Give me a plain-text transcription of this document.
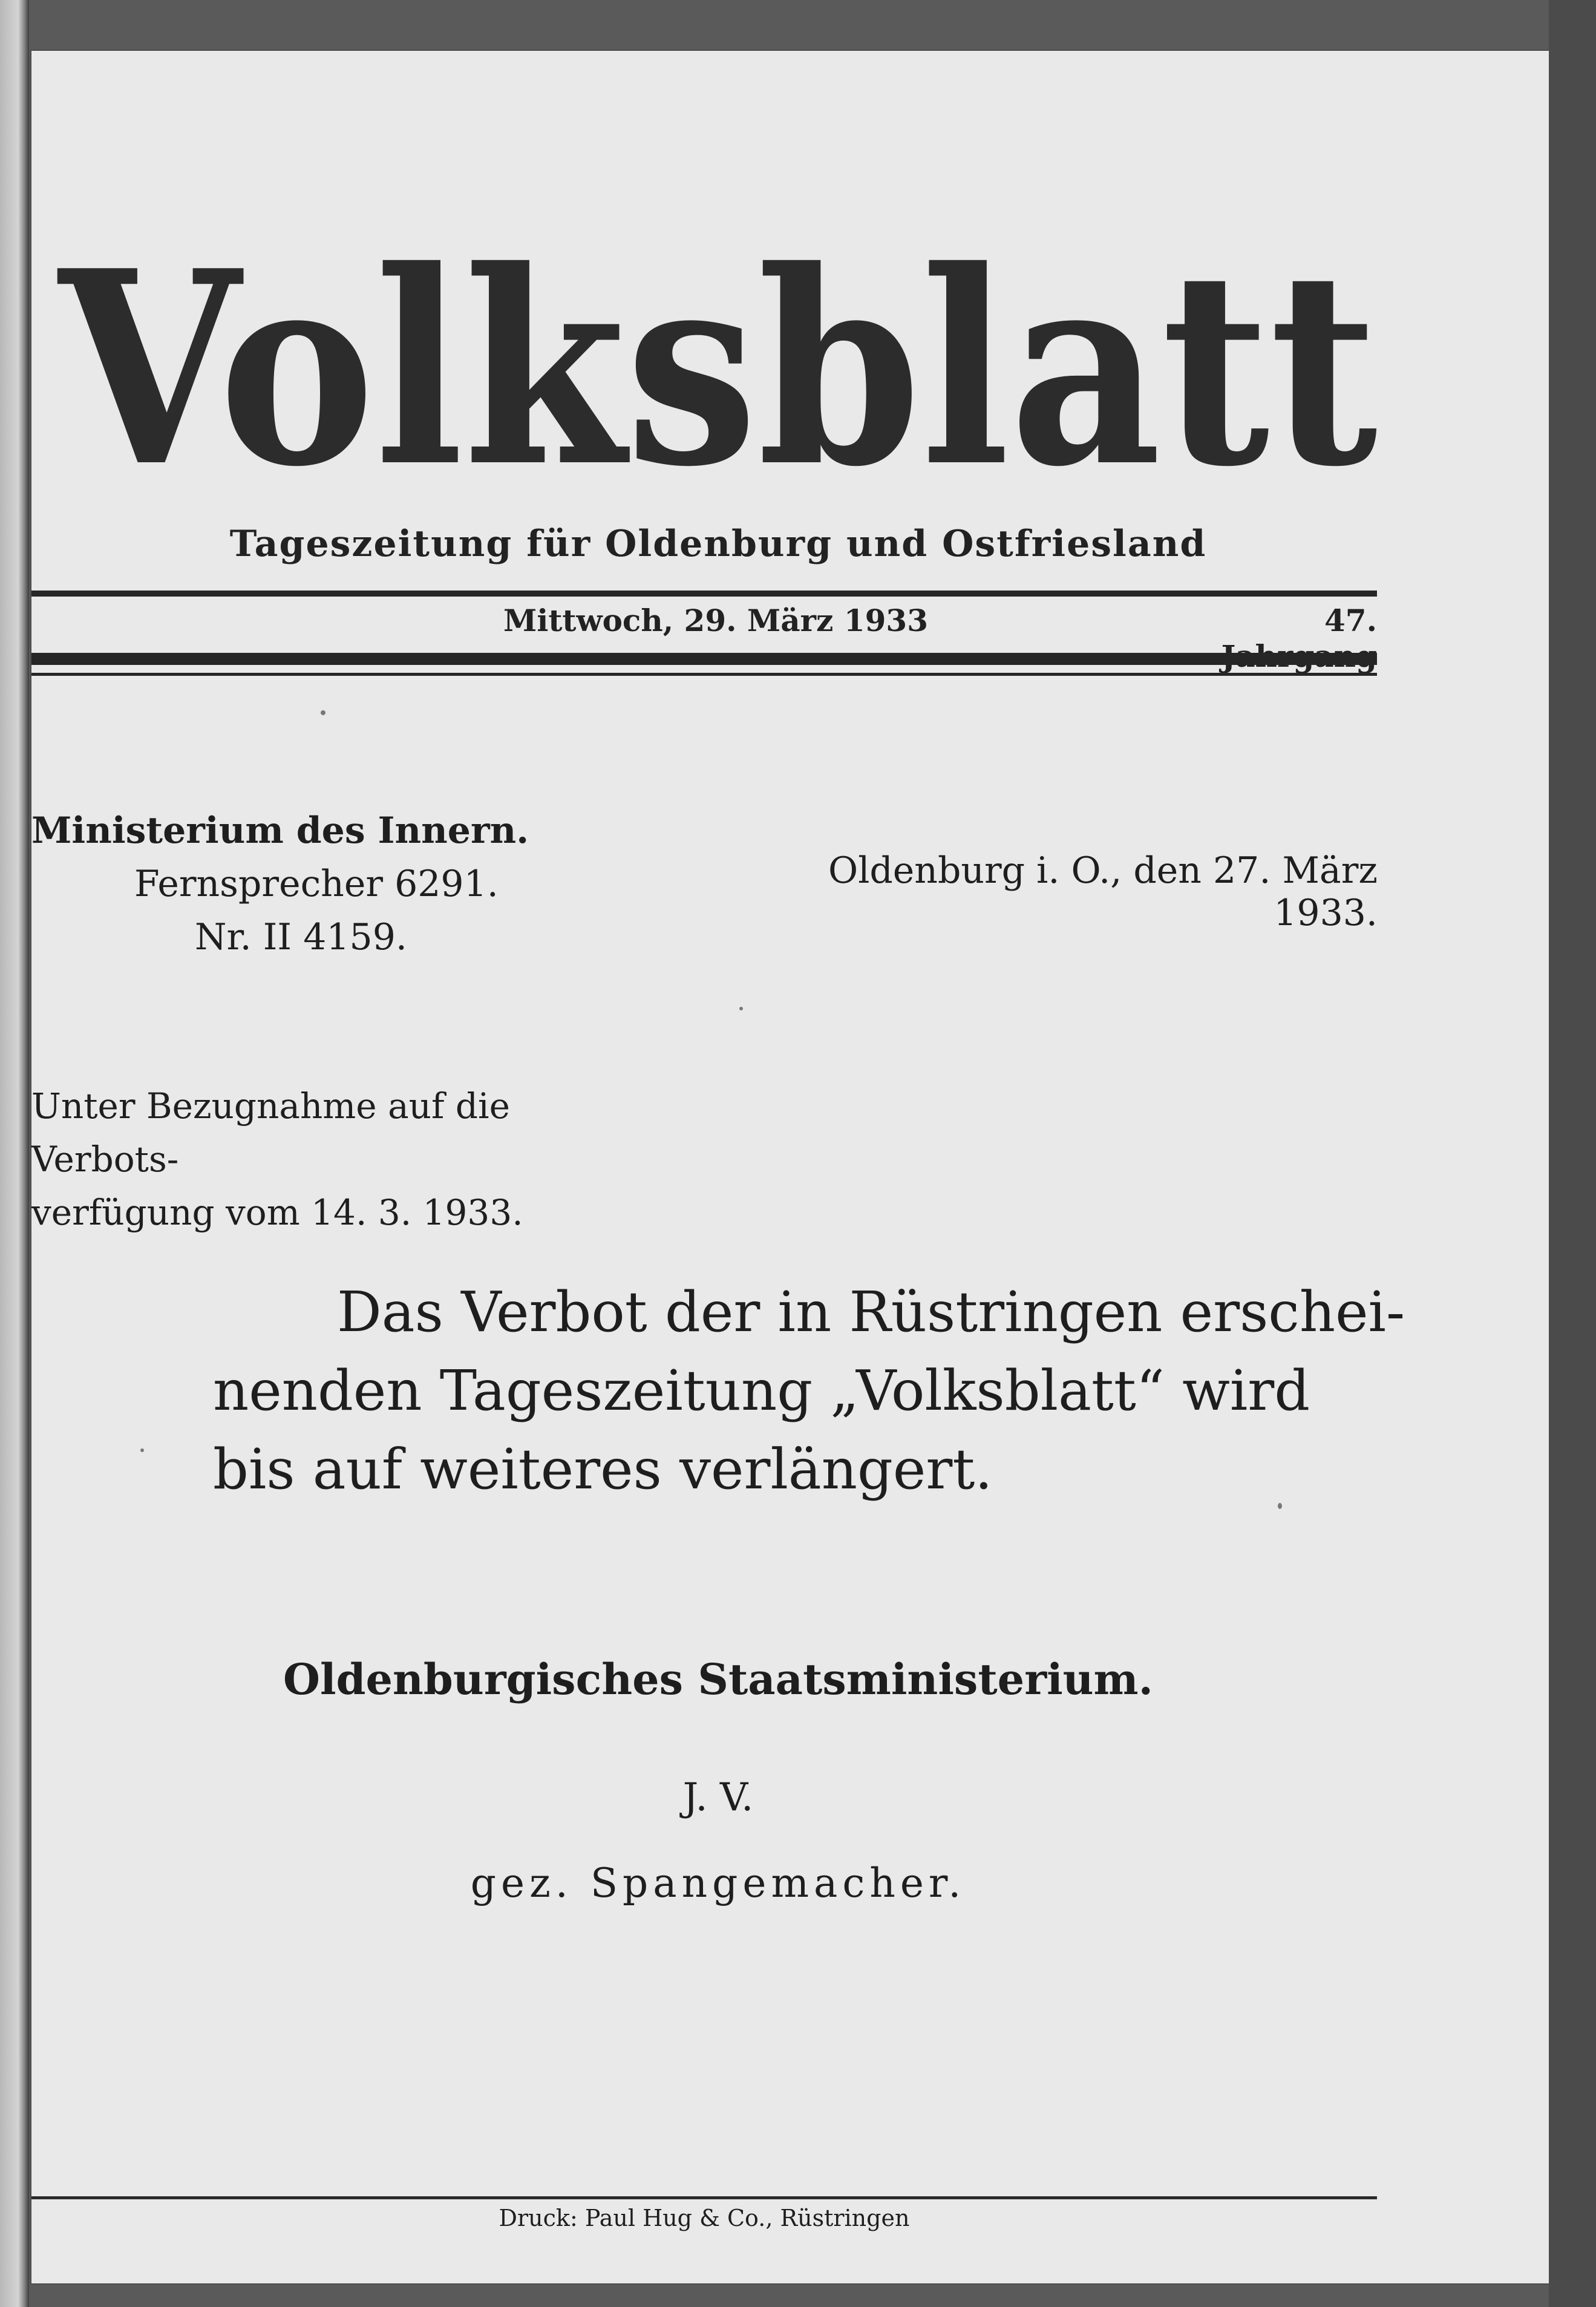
Volksblatt
Tageszeitung für Oldenburg und Ostfriesland
Mittwoch, 29. März 1933	47.
Ministerium des Innern.
Fernsprecher 6291.
Nr. II 4159.
Oldenburg i. O., den 27. März 1933.
Unter Bezugnahme auf die Verbots-
verfügung vom 14. 3. 1933.
Das Verbot der in Rüstringen erschei-
nenden Tageszeitung „Volksblatt“ wird
bis auf weiteres verlängert.
Oldenburgisches Staatsministerium.
J. V.
gez. Spangemacher.
Druck: Paul Hug & Co., Rüstringen
